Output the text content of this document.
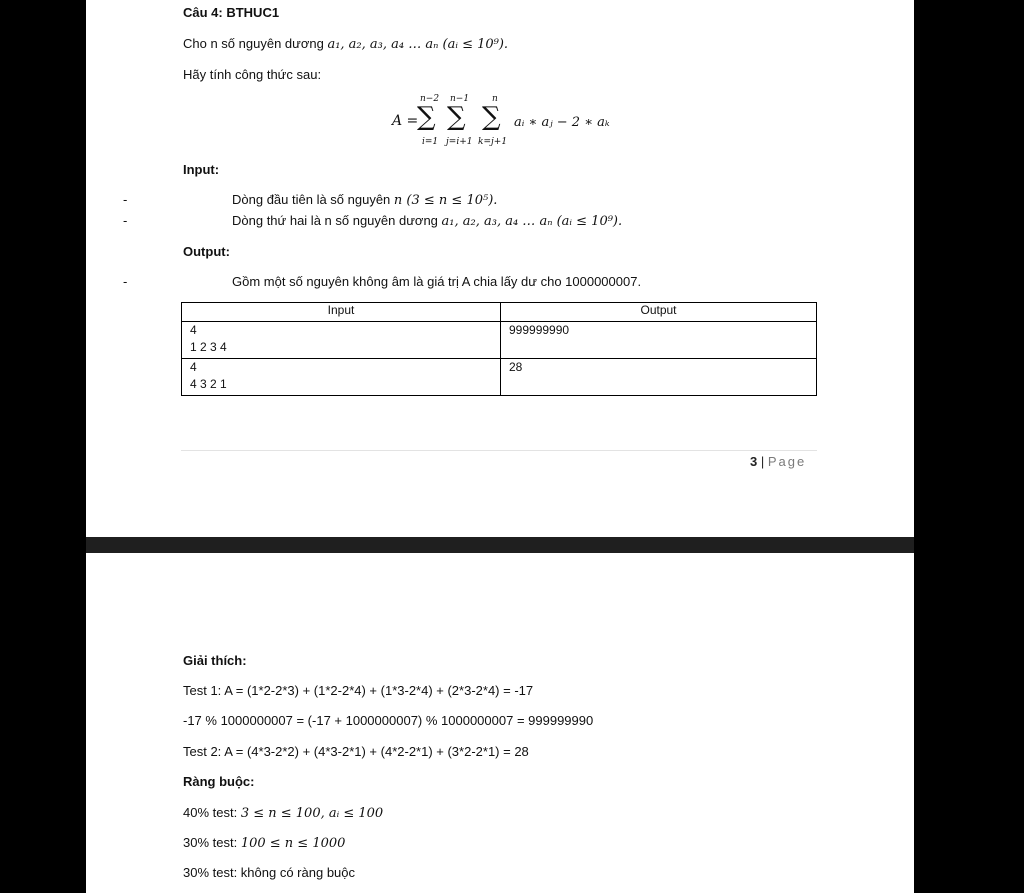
Câu 4: BTHUC1
Cho n số nguyên dương a₁, a₂, a₃, a₄ … aₙ (aᵢ ≤ 10⁹).
Hãy tính công thức sau:
A =
n−2
∑
i=1
n−1
∑
j=i+1
n
∑
k=j+1
aᵢ ∗ aⱼ − 2 ∗ aₖ
Input:
-	Dòng đầu tiên là số nguyên n (3 ≤ n ≤ 10⁵).
-	Dòng thứ hai là n số nguyên dương a₁, a₂, a₃, a₄ … aₙ (aᵢ ≤ 10⁹).
Output:
-	Gồm một số nguyên không âm là giá trị A chia lấy dư cho 1000000007.
Input	Output

4
1 2 3 4	999999990

4
4 3 2 1	28
3 | Page
Giải thích:
Test 1: A = (1*2-2*3) + (1*2-2*4) + (1*3-2*4) + (2*3-2*4) = -17
-17 % 1000000007 = (-17 + 1000000007) % 1000000007 = 999999990
Test 2: A = (4*3-2*2) + (4*3-2*1) + (4*2-2*1) + (3*2-2*1) = 28
Ràng buộc:
40% test: 3 ≤ n ≤ 100, aᵢ ≤ 100
30% test: 100 ≤ n ≤ 1000
30% test: không có ràng buộc
